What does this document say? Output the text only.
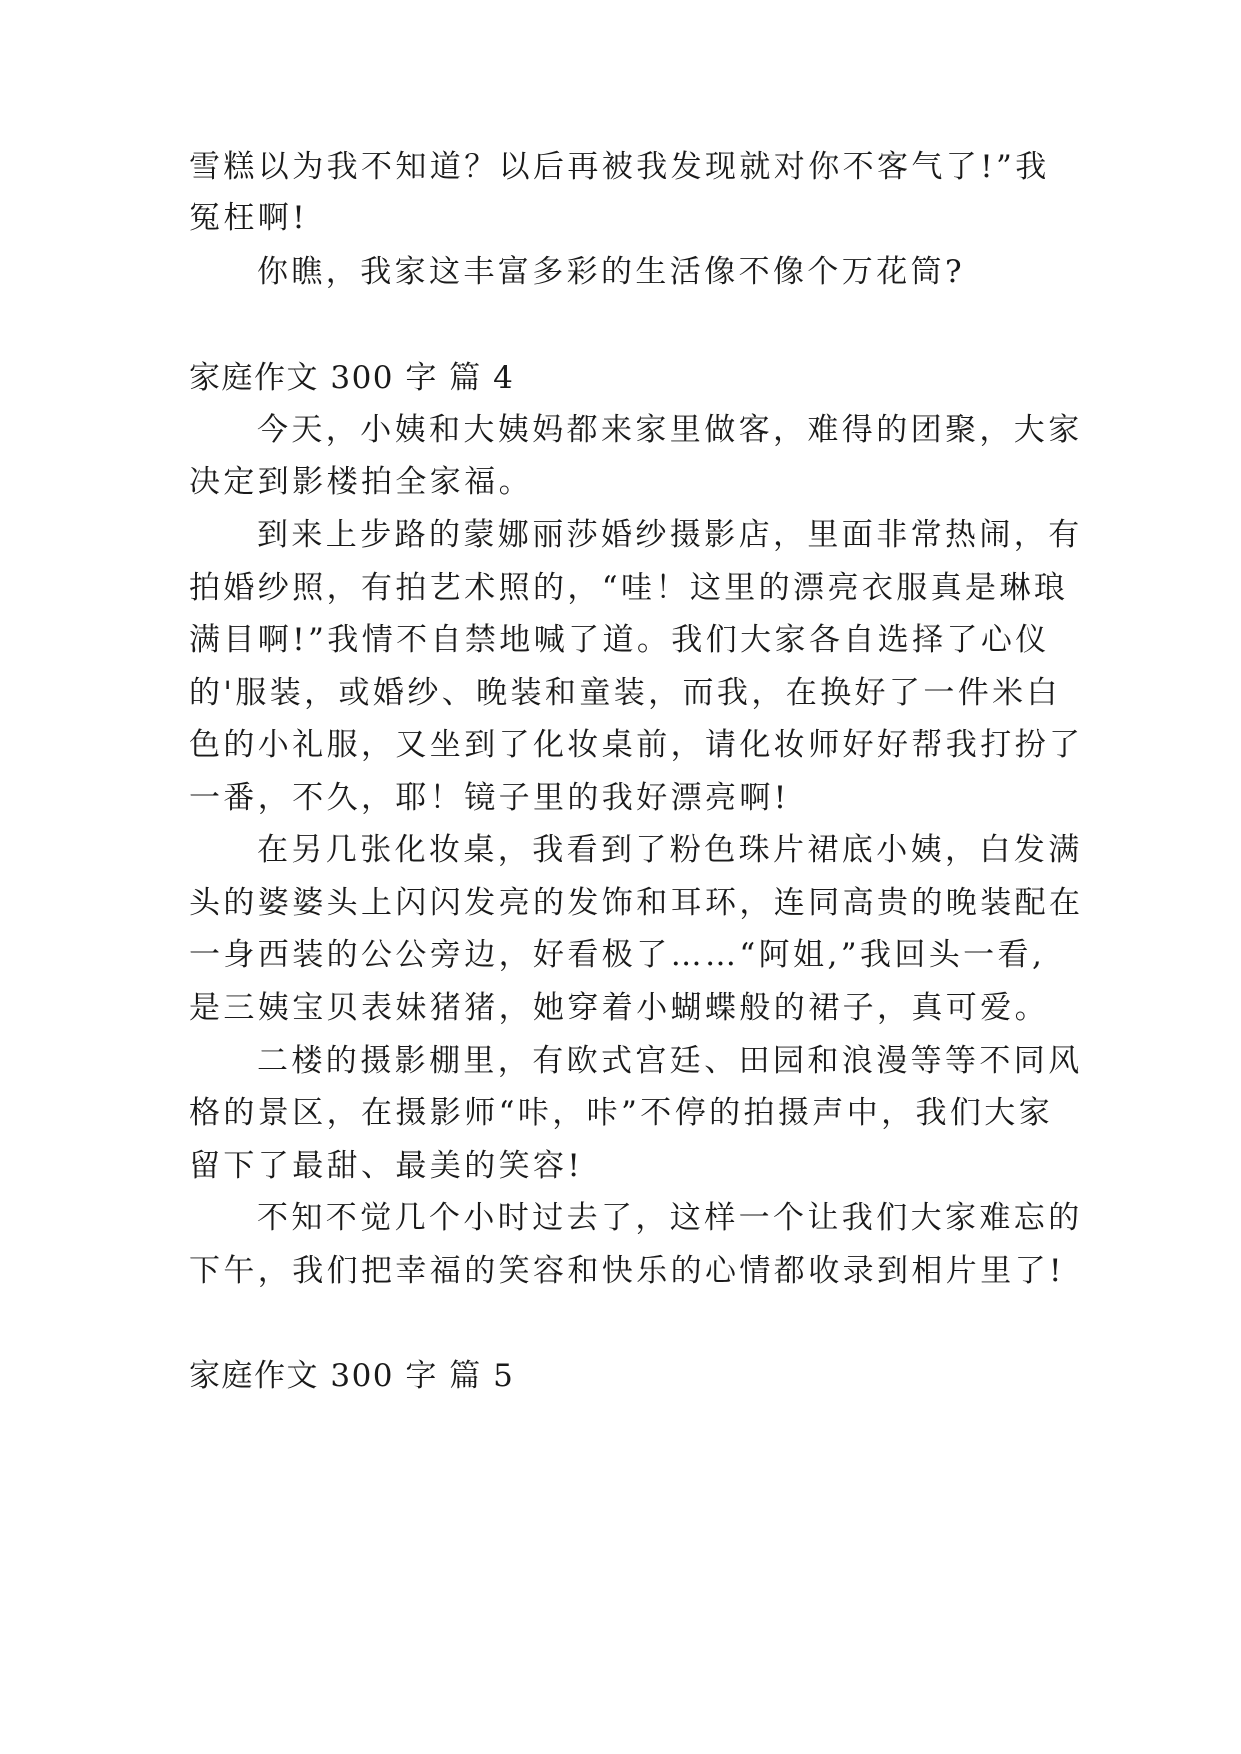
雪糕以为我不知道？以后再被我发现就对你不客气了!”我
冤枉啊!
你瞧，我家这丰富多彩的生活像不像个万花筒?
家庭作文 300 字 篇 4
今天，小姨和大姨妈都来家里做客，难得的团聚，大家
决定到影楼拍全家福。
到来上步路的蒙娜丽莎婚纱摄影店，里面非常热闹，有
拍婚纱照，有拍艺术照的，“哇！这里的漂亮衣服真是琳琅
满目啊!”我情不自禁地喊了道。我们大家各自选择了心仪
的'服装，或婚纱、晚装和童装，而我，在换好了一件米白
色的小礼服，又坐到了化妆桌前，请化妆师好好帮我打扮了
一番，不久，耶！镜子里的我好漂亮啊!
在另几张化妆桌，我看到了粉色珠片裙底小姨，白发满
头的婆婆头上闪闪发亮的发饰和耳环，连同高贵的晚装配在
一身西装的公公旁边，好看极了……“阿姐,”我回头一看,
是三姨宝贝表妹猪猪，她穿着小蝴蝶般的裙子，真可爱。
二楼的摄影棚里，有欧式宫廷、田园和浪漫等等不同风
格的景区，在摄影师“咔，咔”不停的拍摄声中，我们大家
留下了最甜、最美的笑容!
不知不觉几个小时过去了，这样一个让我们大家难忘的
下午，我们把幸福的笑容和快乐的心情都收录到相片里了!
家庭作文 300 字 篇 5
